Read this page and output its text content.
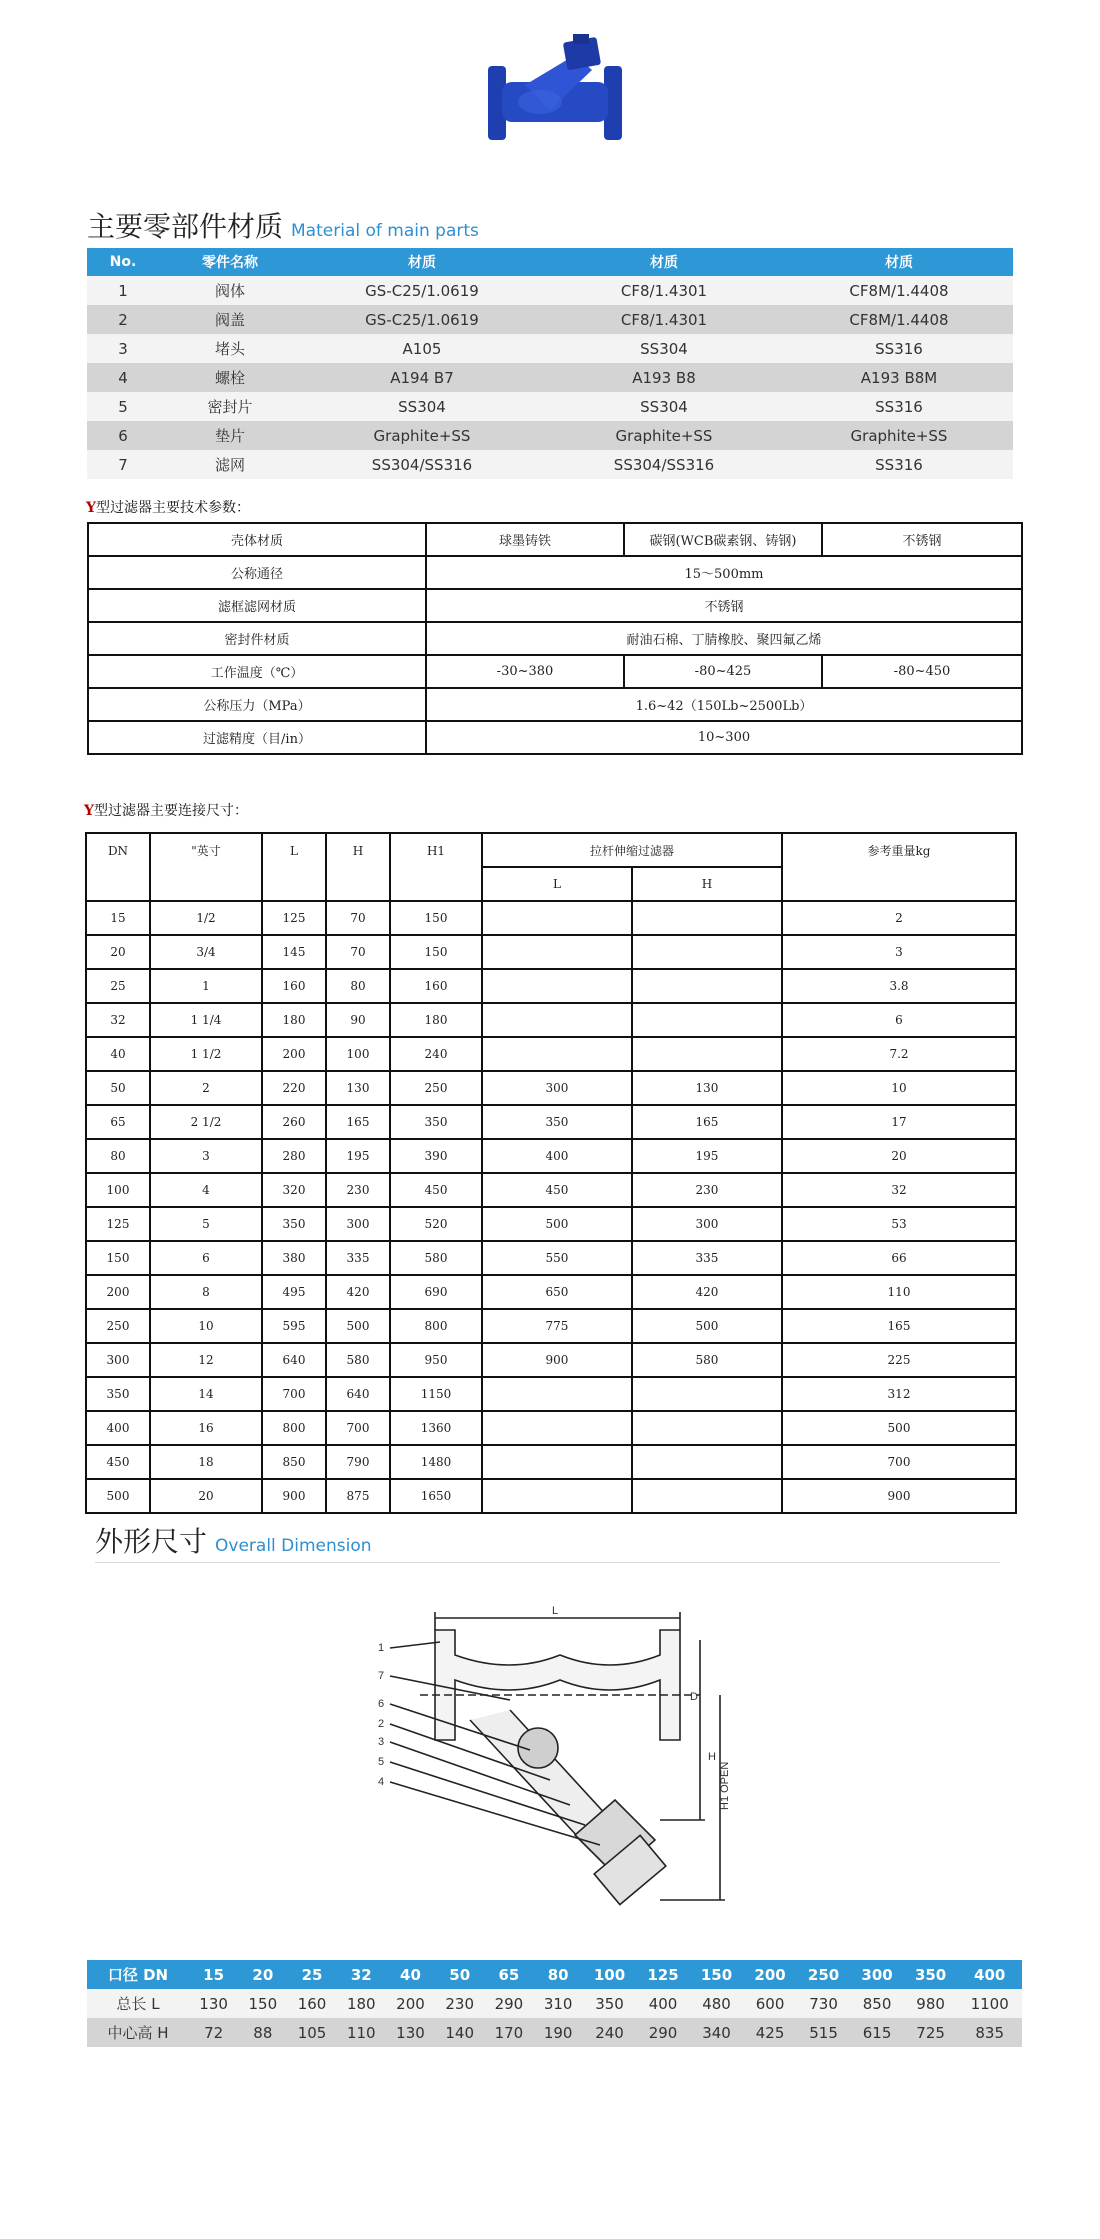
主要零部件材质 Material of main parts
No.	零件名称	材质	材质	材质
1	阀体	GS-C25/1.0619	CF8/1.4301	CF8M/1.4408
2	阀盖	GS-C25/1.0619	CF8/1.4301	CF8M/1.4408
3	堵头	A105	SS304	SS316
4	螺栓	A194 B7	A193 B8	A193 B8M
5	密封片	SS304	SS304	SS316
6	垫片	Graphite+SS	Graphite+SS	Graphite+SS
7	滤网	SS304/SS316	SS304/SS316	SS316
Y型过滤器主要技术参数：
壳体材质	球墨铸铁	碳钢(WCB碳素钢、铸钢)	不锈钢
公称通径	15～500mm		
滤框滤网材质	不锈钢		
密封件材质	耐油石棉、丁腈橡胶、聚四氟乙烯		
工作温度（℃）	-30~380	-80~425	-80~450
公称压力（MPa）	1.6~42（150Lb~2500Lb）		
过滤精度（目/in）	10~300		
Y型过滤器主要连接尺寸：
DN	"英寸	L	H	H1	拉杆伸缩过滤器		参考重量kg
					L	H	
15	1/2	125	70	150			2
20	3/4	145	70	150			3
25	1	160	80	160			3.8
32	1 1/4	180	90	180			6
40	1 1/2	200	100	240			7.2
50	2	220	130	250	300	130	10
65	2 1/2	260	165	350	350	165	17
80	3	280	195	390	400	195	20
100	4	320	230	450	450	230	32
125	5	350	300	520	500	300	53
150	6	380	335	580	550	335	66
200	8	495	420	690	650	420	110
250	10	595	500	800	775	500	165
300	12	640	580	950	900	580	225
350	14	700	640	1150			312
400	16	800	700	1360			500
450	18	850	790	1480			700
500	20	900	875	1650			900
外形尺寸 Overall Dimension
1
7
6
2
3
5
4
L
D
H
H1 OPEN
口径 DN	15	20	25	32	40	50	65	80	100	125	150	200	250	300	350	400
总长 L	130	150	160	180	200	230	290	310	350	400	480	600	730	850	980	1100
中心高 H	72	88	105	110	130	140	170	190	240	290	340	425	515	615	725	835
